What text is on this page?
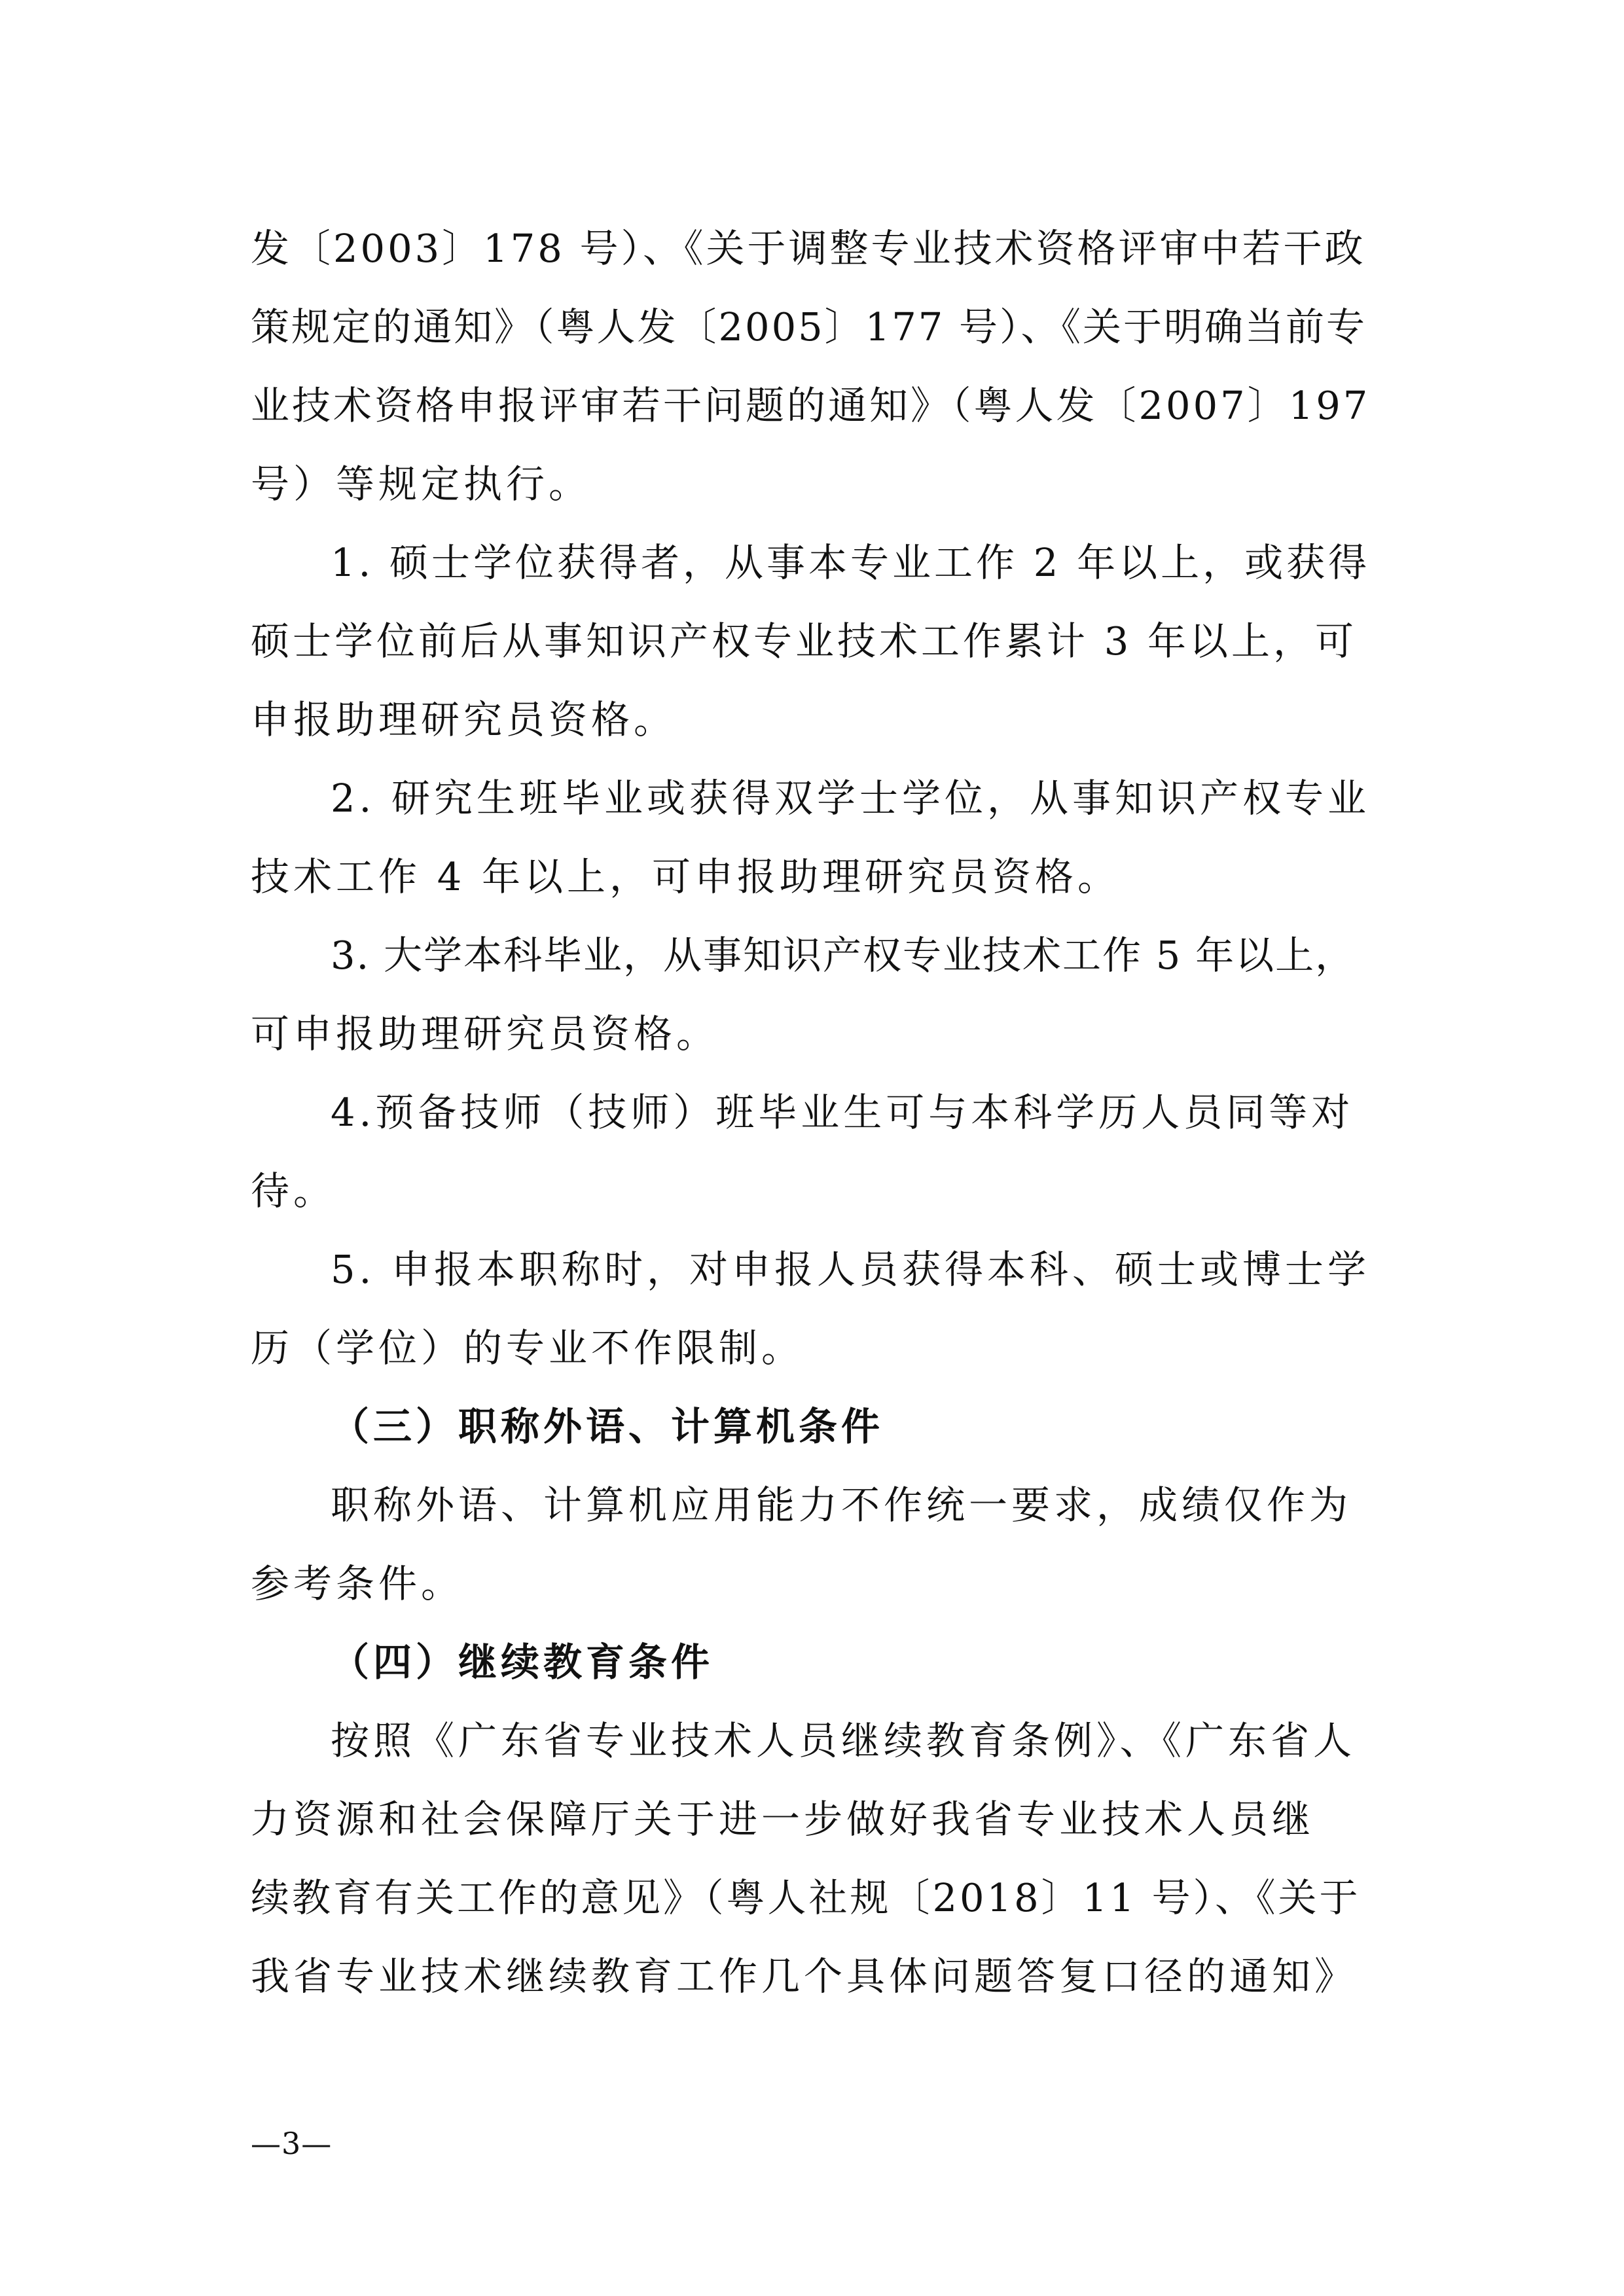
发〔2003〕178 号）、《关于调整专业技术资格评审中若干政
策规定的通知》（粤人发〔2005〕177 号）、《关于明确当前专
业技术资格申报评审若干问题的通知》（粤人发〔2007〕197
号）等规定执行。
1. 硕士学位获得者，从事本专业工作 2 年以上，或获得
硕士学位前后从事知识产权专业技术工作累计 3 年以上，可
申报助理研究员资格。
2. 研究生班毕业或获得双学士学位，从事知识产权专业
技术工作 4 年以上，可申报助理研究员资格。
3. 大学本科毕业，从事知识产权专业技术工作 5 年以上，
可申报助理研究员资格。
4.预备技师（技师）班毕业生可与本科学历人员同等对
待。
5. 申报本职称时，对申报人员获得本科、硕士或博士学
历（学位）的专业不作限制。
（三）职称外语、计算机条件
职称外语、计算机应用能力不作统一要求，成绩仅作为
参考条件。
（四）继续教育条件
按照《广东省专业技术人员继续教育条例》、《广东省人
力资源和社会保障厅关于进一步做好我省专业技术人员继
续教育有关工作的意见》（粤人社规〔2018〕11 号）、《关于
我省专业技术继续教育工作几个具体问题答复口径的通知》
—3—
